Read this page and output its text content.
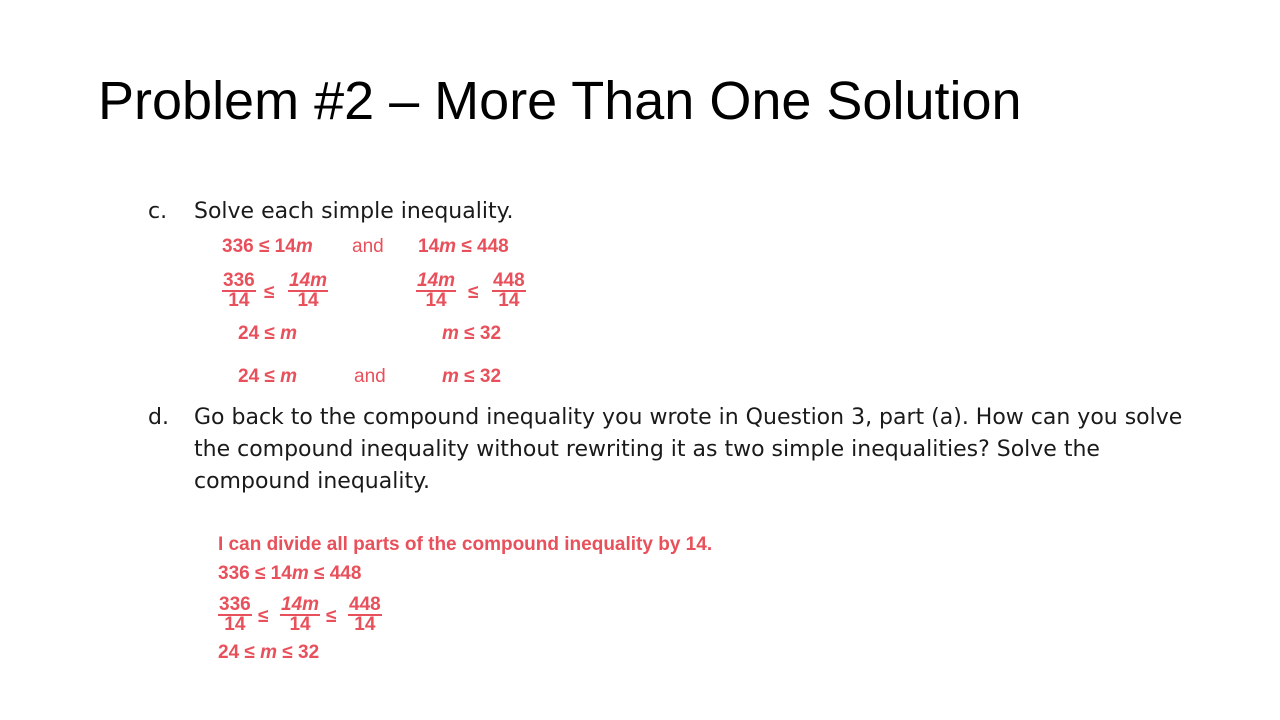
Problem #2 – More Than One Solution
c. Solve each simple inequality.
336 ≤ 14m and 14m ≤ 448
$\frac{336}{14} \le \frac{14m}{14}$	$\frac{14m}{14} \le \frac{448}{14}$
24 ≤ m	m ≤ 32
24 ≤ m	and	m ≤ 32
d. Go back to the compound inequality you wrote in Question 3, part (a). How can you solve the compound inequality without rewriting it as two simple inequalities? Solve the compound inequality.
I can divide all parts of the compound inequality by 14.
336 ≤ 14m ≤ 448
$\frac{336}{14} \le \frac{14m}{14} \le \frac{448}{14}$
24 ≤ m ≤ 32
